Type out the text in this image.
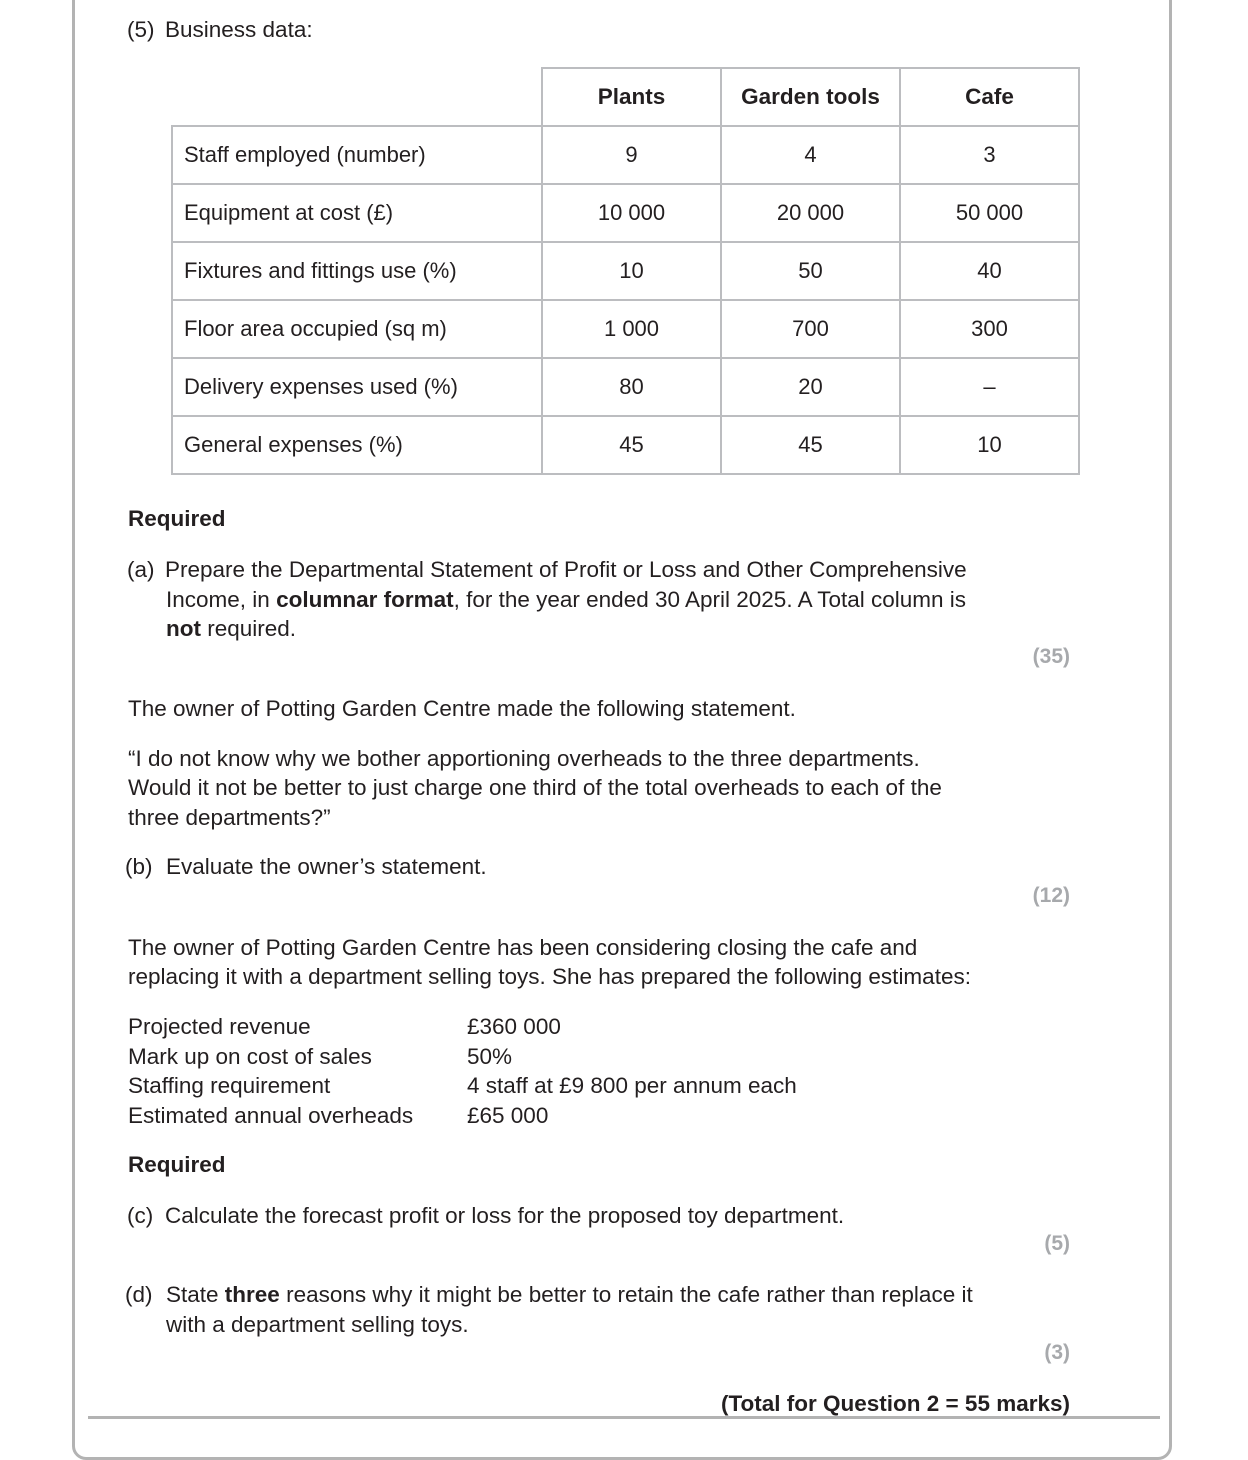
(5) Business data:
	Plants	Garden tools	Cafe
Staff employed (number)	9	4	3
Equipment at cost (£)	10 000	20 000	50 000
Fixtures and fittings use (%)	10	50	40
Floor area occupied (sq m)	1 000	700	300
Delivery expenses used (%)	80	20	–
General expenses (%)	45	45	10
Required
(a) Prepare the Departmental Statement of Profit or Loss and Other Comprehensive
Income, in columnar format, for the year ended 30 April 2025. A Total column is
not required.
(35)
The owner of Potting Garden Centre made the following statement.
“I do not know why we bother apportioning overheads to the three departments.
Would it not be better to just charge one third of the total overheads to each of the
three departments?”
(b) Evaluate the owner’s statement.
(12)
The owner of Potting Garden Centre has been considering closing the cafe and
replacing it with a department selling toys. She has prepared the following estimates:
Projected revenue	£360 000
Mark up on cost of sales	50%
Staffing requirement	4 staff at £9 800 per annum each
Estimated annual overheads	£65 000
Required
(c) Calculate the forecast profit or loss for the proposed toy department.
(5)
(d) State three reasons why it might be better to retain the cafe rather than replace it
with a department selling toys.
(3)
(Total for Question 2 = 55 marks)
